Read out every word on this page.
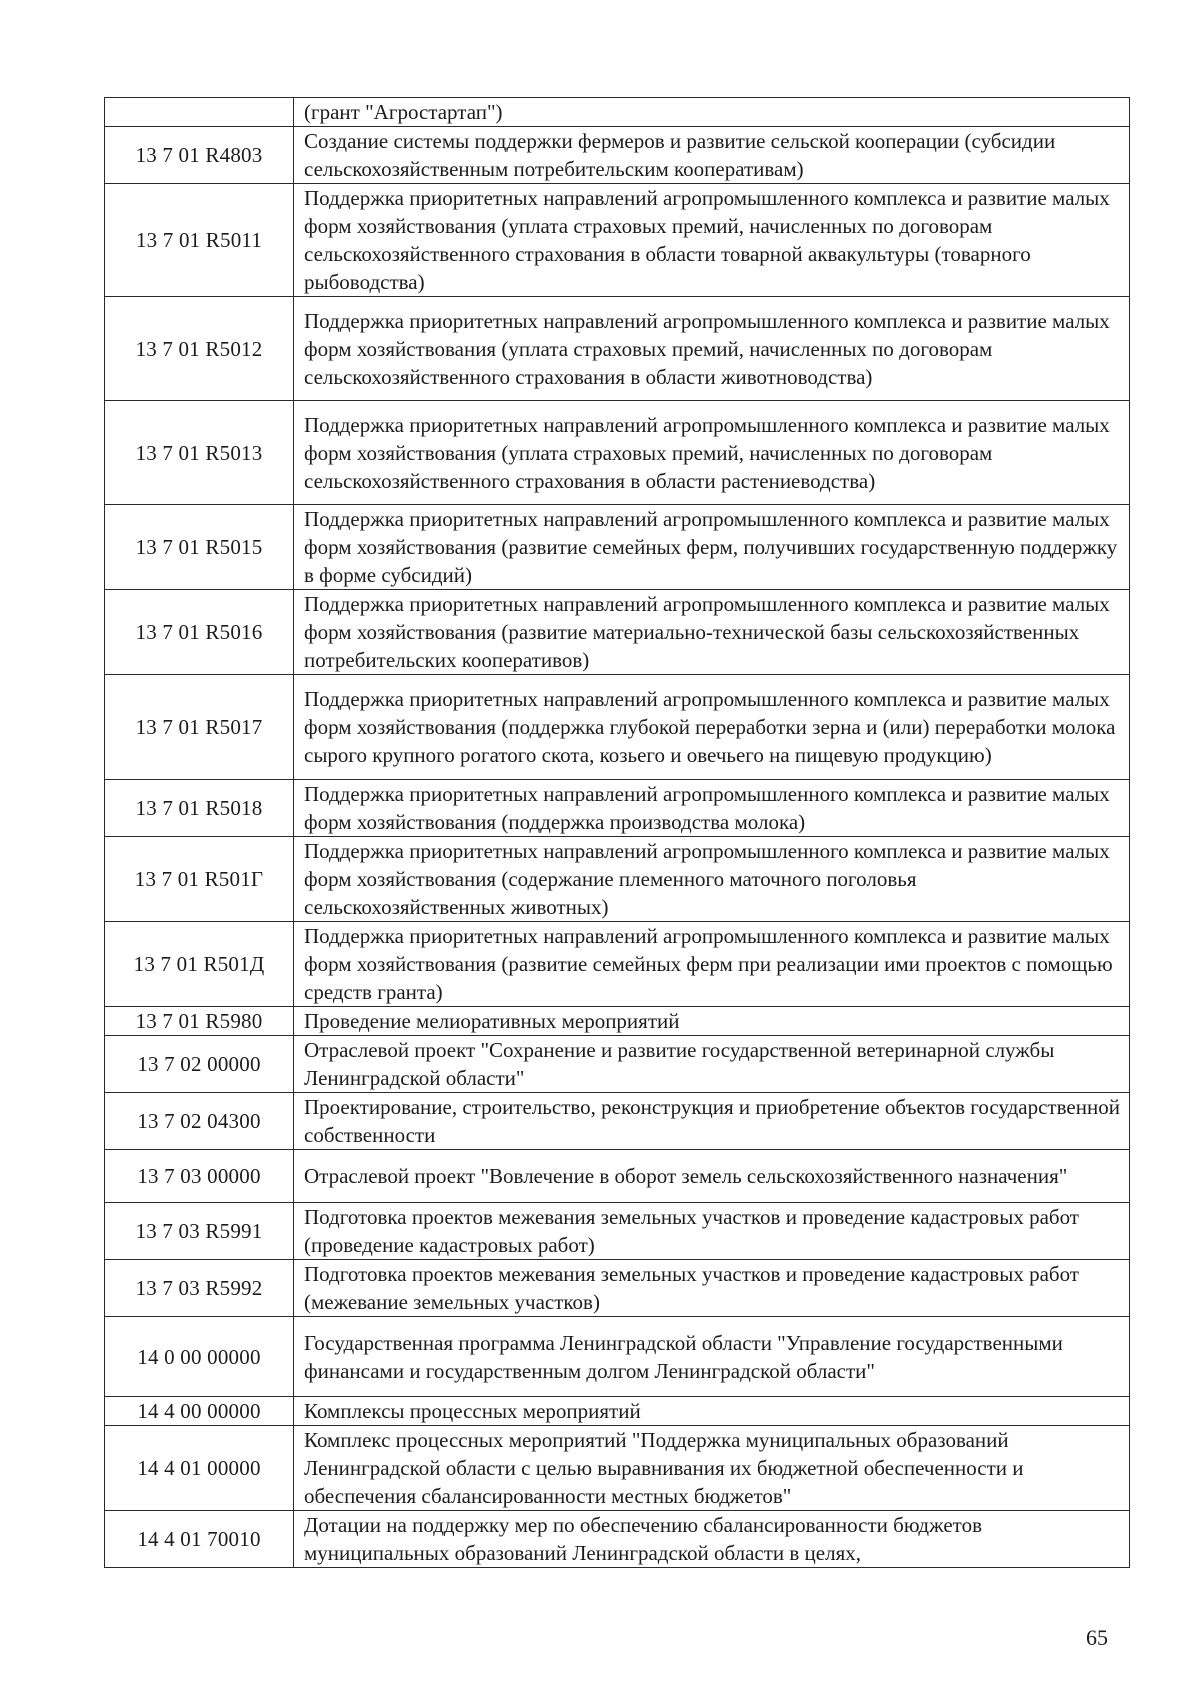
	(грант "Агростартап")
13 7 01 R4803	Создание системы поддержки фермеров и развитие сельской кооперации (субсидии сельскохозяйственным потребительским кооперативам)
13 7 01 R5011	Поддержка приоритетных направлений агропромышленного комплекса и развитие малых форм хозяйствования (уплата страховых премий, начисленных по договорам сельскохозяйственного страхования в области товарной аквакультуры (товарного рыбоводства)
13 7 01 R5012	Поддержка приоритетных направлений агропромышленного комплекса и развитие малых форм хозяйствования (уплата страховых премий, начисленных по договорам сельскохозяйственного страхования в области животноводства)
13 7 01 R5013	Поддержка приоритетных направлений агропромышленного комплекса и развитие малых форм хозяйствования (уплата страховых премий, начисленных по договорам сельскохозяйственного страхования в области растениеводства)
13 7 01 R5015	Поддержка приоритетных направлений агропромышленного комплекса и развитие малых форм хозяйствования (развитие семейных ферм, получивших государственную поддержку в форме субсидий)
13 7 01 R5016	Поддержка приоритетных направлений агропромышленного комплекса и развитие малых форм хозяйствования (развитие материально-технической базы сельскохозяйственных потребительских кооперативов)
13 7 01 R5017	Поддержка приоритетных направлений агропромышленного комплекса и развитие малых форм хозяйствования (поддержка глубокой переработки зерна и (или) переработки молока сырого крупного рогатого скота, козьего и овечьего на пищевую продукцию)
13 7 01 R5018	Поддержка приоритетных направлений агропромышленного комплекса и развитие малых форм хозяйствования (поддержка производства молока)
13 7 01 R501Г	Поддержка приоритетных направлений агропромышленного комплекса и развитие малых форм хозяйствования (содержание племенного маточного поголовья сельскохозяйственных животных)
13 7 01 R501Д	Поддержка приоритетных направлений агропромышленного комплекса и развитие малых форм хозяйствования (развитие семейных ферм при реализации ими проектов с помощью средств гранта)
13 7 01 R5980	Проведение мелиоративных мероприятий
13 7 02 00000	Отраслевой проект "Сохранение и развитие государственной ветеринарной службы Ленинградской области"
13 7 02 04300	Проектирование, строительство, реконструкция и приобретение объектов государственной собственности
13 7 03 00000	Отраслевой проект "Вовлечение в оборот земель сельскохозяйственного назначения"
13 7 03 R5991	Подготовка проектов межевания земельных участков и проведение кадастровых работ (проведение кадастровых работ)
13 7 03 R5992	Подготовка проектов межевания земельных участков и проведение кадастровых работ (межевание земельных участков)
14 0 00 00000	Государственная программа Ленинградской области "Управление государственными финансами и государственным долгом Ленинградской области"
14 4 00 00000	Комплексы процессных мероприятий
14 4 01 00000	Комплекс процессных мероприятий "Поддержка муниципальных образований Ленинградской области с целью выравнивания их бюджетной обеспеченности и обеспечения сбалансированности местных бюджетов"
14 4 01 70010	Дотации на поддержку мер по обеспечению сбалансированности бюджетов муниципальных образований Ленинградской области в целях,
65
